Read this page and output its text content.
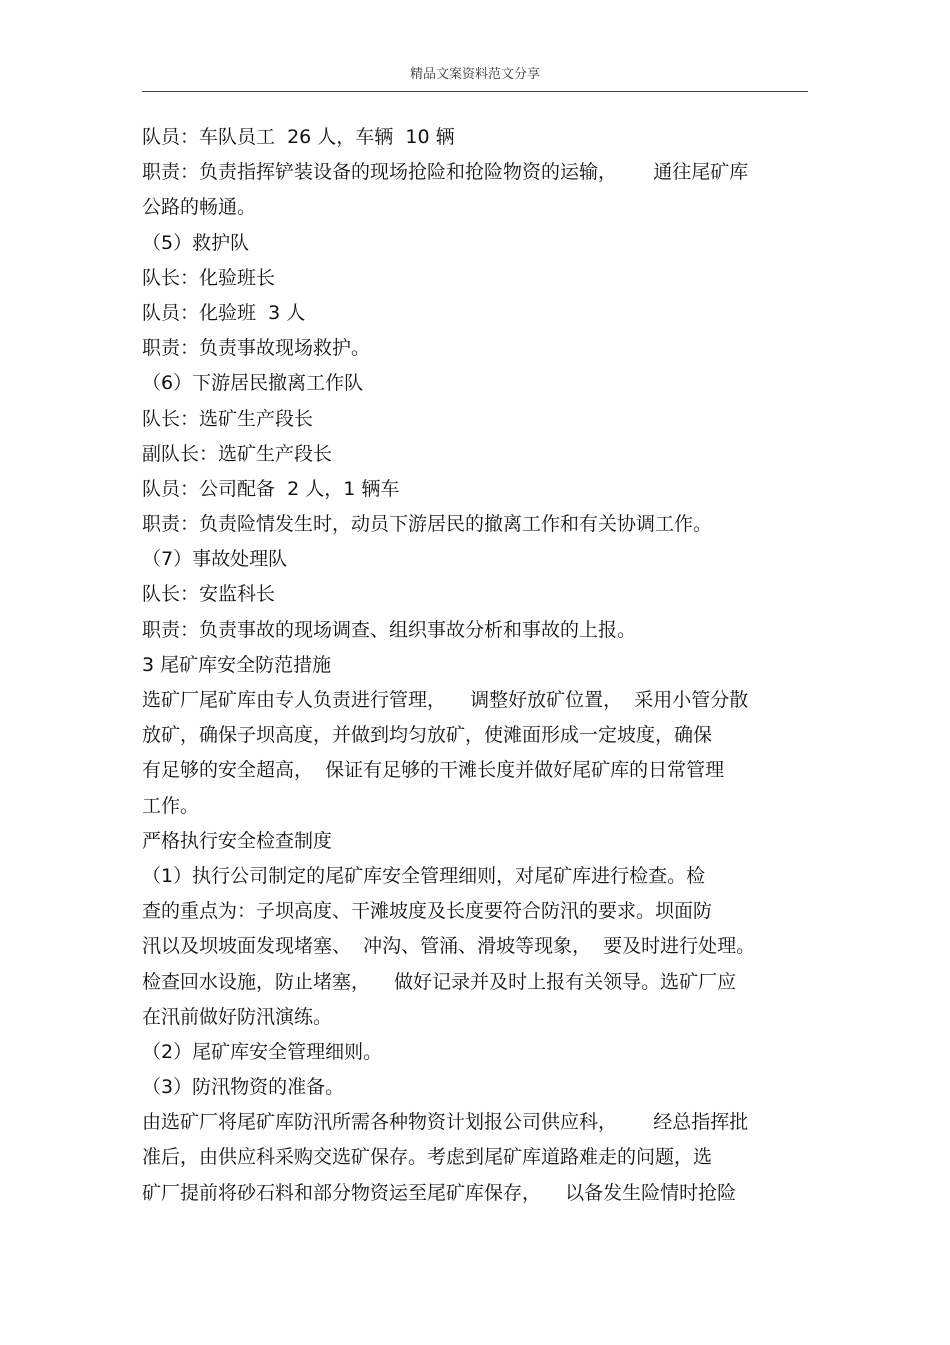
精品文案资料范文分享
队员：车队员工  26 人，车辆  10 辆
职责：负责指挥铲装设备的现场抢险和抢险物资的运输，      通往尾矿库
公路的畅通。
（5）救护队
队长：化验班长
队员：化验班  3 人
职责：负责事故现场救护。
（6）下游居民撤离工作队
队长：选矿生产段长
副队长：选矿生产段长
队员：公司配备  2 人，1 辆车
职责：负责险情发生时，动员下游居民的撤离工作和有关协调工作。
（7）事故处理队
队长：安监科长
职责：负责事故的现场调查、组织事故分析和事故的上报。
3 尾矿库安全防范措施
选矿厂尾矿库由专人负责进行管理，    调整好放矿位置，  采用小管分散
放矿，确保子坝高度，并做到均匀放矿，使滩面形成一定坡度，确保
有足够的安全超高，  保证有足够的干滩长度并做好尾矿库的日常管理
工作。
严格执行安全检查制度
（1）执行公司制定的尾矿库安全管理细则，对尾矿库进行检查。检
查的重点为：子坝高度、干滩坡度及长度要符合防汛的要求。坝面防
汛以及坝坡面发现堵塞、  冲沟、管涌、滑坡等现象，  要及时进行处理。
检查回水设施，防止堵塞，    做好记录并及时上报有关领导。选矿厂应
在汛前做好防汛演练。
（2）尾矿库安全管理细则。
（3）防汛物资的准备。
由选矿厂将尾矿库防汛所需各种物资计划报公司供应科，      经总指挥批
准后，由供应科采购交选矿保存。考虑到尾矿库道路难走的问题，选
矿厂提前将砂石料和部分物资运至尾矿库保存，    以备发生险情时抢险
